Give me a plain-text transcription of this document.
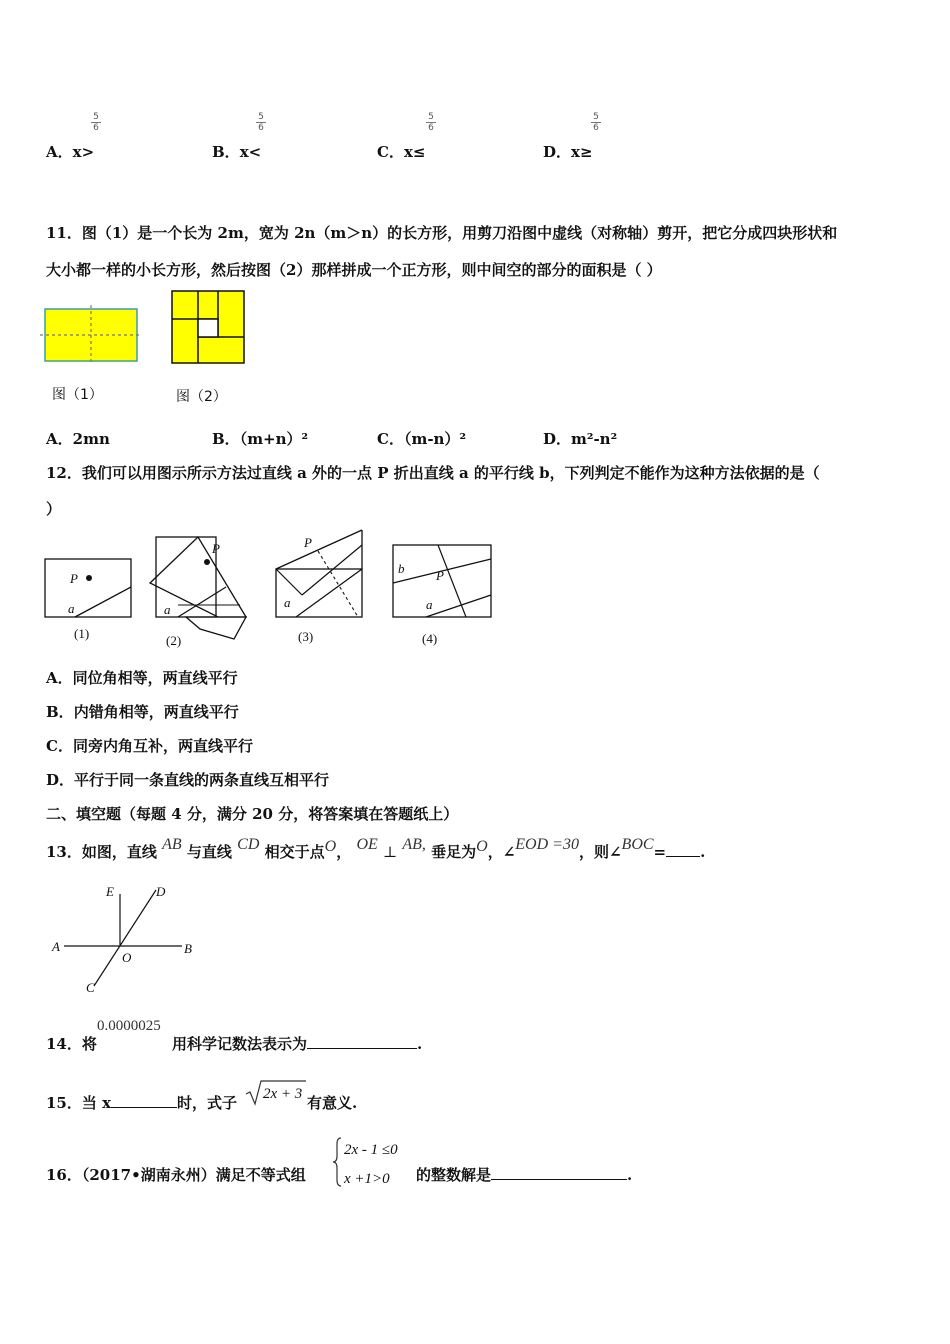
A．x>
$\frac{5}{6}$
B．x<
$\frac{5}{6}$
C．x≤
$\frac{5}{6}$
D．x≥
$\frac{5}{6}$
11．图（1）是一个长为 2m，宽为 2n（m＞n）的长方形，用剪刀沿图中虚线（对称轴）剪开，把它分成四块形状和
大小都一样的小长方形，然后按图（2）那样拼成一个正方形，则中间空的部分的面积是（ ）
图（1）	图（2）
A．2mn	B．（m+n）²	C．（m-n）²	D．m²-n²
12．我们可以用图示所示方法过直线 a 外的一点 P 折出直线 a 的平行线 b，下列判定不能作为这种方法依据的是（
）
P
a
(1)
P
a
(2)
P
a
(3)
b P
a
(4)
A．同位角相等，两直线平行
B．内错角相等，两直线平行
C．同旁内角互补，两直线平行
D．平行于同一条直线的两条直线互相平行
二、填空题（每题 4 分，满分 20 分，将答案填在答题纸上）
13．如图，直线 AB 与直线 CD 相交于点O， OE ⊥ AB, 垂足为O，∠EOD =30，则∠BOC= .
E	D
A
O
B
C
14．将
0.0000025
用科学记数法表示为	.
15．当 x	时，式子 2x + 3 有意义.
16．（2017•湖南永州）满足不等式组
2x - 1 ≤0
x +1>0 的整数解是	.
